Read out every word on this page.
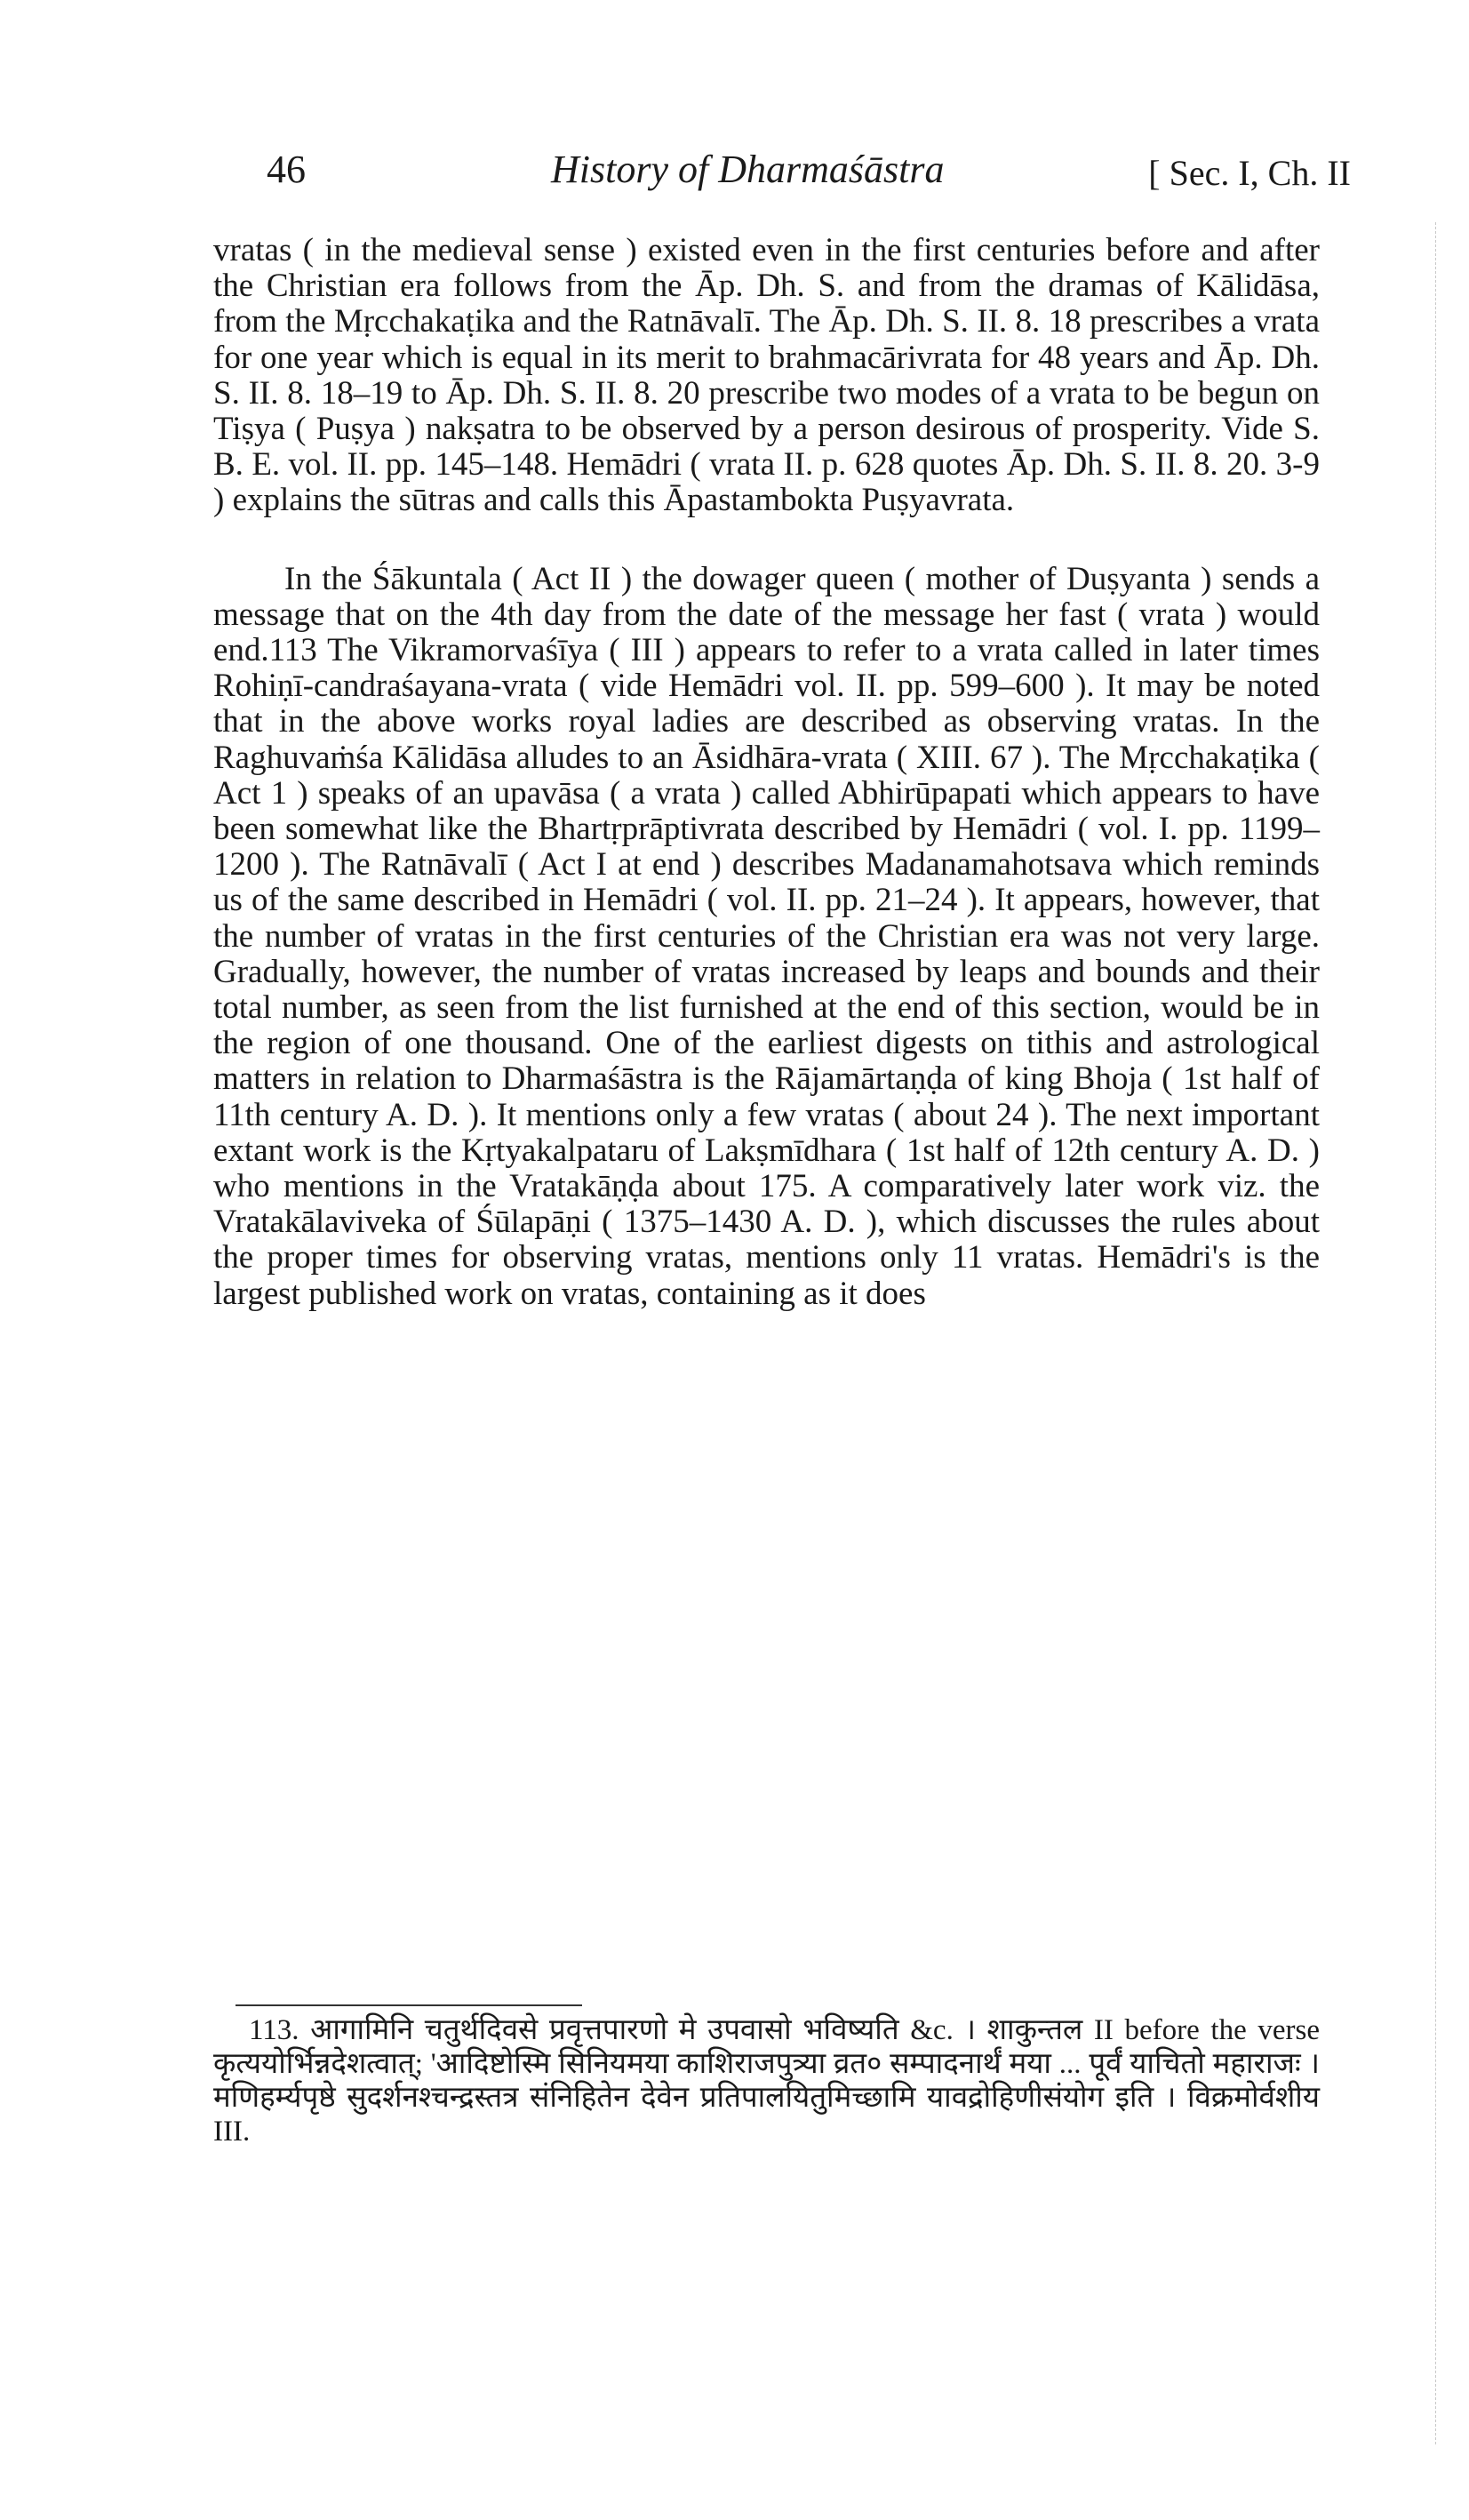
46	History of Dharmaśāstra	[ Sec. I, Ch. II

vratas ( in the medieval sense ) existed even in the first centuries before and after the Christian era follows from the Āp. Dh. S. and from the dramas of Kālidāsa, from the Mṛcchakaṭika and the Ratnāvalī. The Āp. Dh. S. II. 8. 18 prescribes a vrata for one year which is equal in its merit to brahmacārivrata for 48 years and Āp. Dh. S. II. 8. 18–19 to Āp. Dh. S. II. 8. 20 prescribe two modes of a vrata to be begun on Tiṣya ( Puṣya ) nakṣatra to be observed by a person desirous of prosperity. Vide S. B. E. vol. II. pp. 145–148. Hemādri ( vrata II. p. 628 quotes Āp. Dh. S. II. 8. 20. 3-9 ) explains the sūtras and calls this Āpastambokta Puṣyavrata.

In the Śākuntala ( Act II ) the dowager queen ( mother of Duṣyanta ) sends a message that on the 4th day from the date of the message her fast ( vrata ) would end.113 The Vikramorvaśīya ( III ) appears to refer to a vrata called in later times Rohiṇī-candraśayana-vrata ( vide Hemādri vol. II. pp. 599–600 ). It may be noted that in the above works royal ladies are described as observing vratas. In the Raghuvaṁśa Kālidāsa alludes to an Āsidhāra-vrata ( XIII. 67 ). The Mṛcchakaṭika ( Act 1 ) speaks of an upavāsa ( a vrata ) called Abhirūpapati which appears to have been somewhat like the Bhartṛprāptivrata described by Hemādri ( vol. I. pp. 1199–1200 ). The Ratnāvalī ( Act I at end ) describes Madanamahotsava which reminds us of the same described in Hemādri ( vol. II. pp. 21–24 ). It appears, however, that the number of vratas in the first centuries of the Christian era was not very large. Gradually, however, the number of vratas increased by leaps and bounds and their total number, as seen from the list furnished at the end of this section, would be in the region of one thousand. One of the earliest digests on tithis and astrological matters in relation to Dharmaśāstra is the Rājamārtaṇḍa of king Bhoja ( 1st half of 11th century A. D. ). It mentions only a few vratas ( about 24 ). The next important extant work is the Kṛtyakalpataru of Lakṣmīdhara ( 1st half of 12th century A. D. ) who mentions in the Vratakāṇḍa about 175. A comparatively later work viz. the Vratakālaviveka of Śūlapāṇi ( 1375–1430 A. D. ), which discusses the rules about the proper times for observing vratas, mentions only 11 vratas. Hemādri's is the largest published work on vratas, containing as it does

113. आगामिनि चतुर्थदिवसे प्रवृत्तपारणो मे उपवासो भविष्यति &c. । शाकुन्तल II before the verse कृत्ययोर्भिन्नदेशत्वात्; 'आदिष्टोस्मि सिनियमया काशिराजपुत्र्या व्रत० सम्पादनार्थं मया ... पूर्वं याचितो महाराजः । मणिहर्म्यपृष्ठे सुदर्शनश्चन्द्रस्तत्र संनिहितेन देवेन प्रतिपालयितुमिच्छामि यावद्रोहिणीसंयोग इति । विक्रमोर्वशीय III.
